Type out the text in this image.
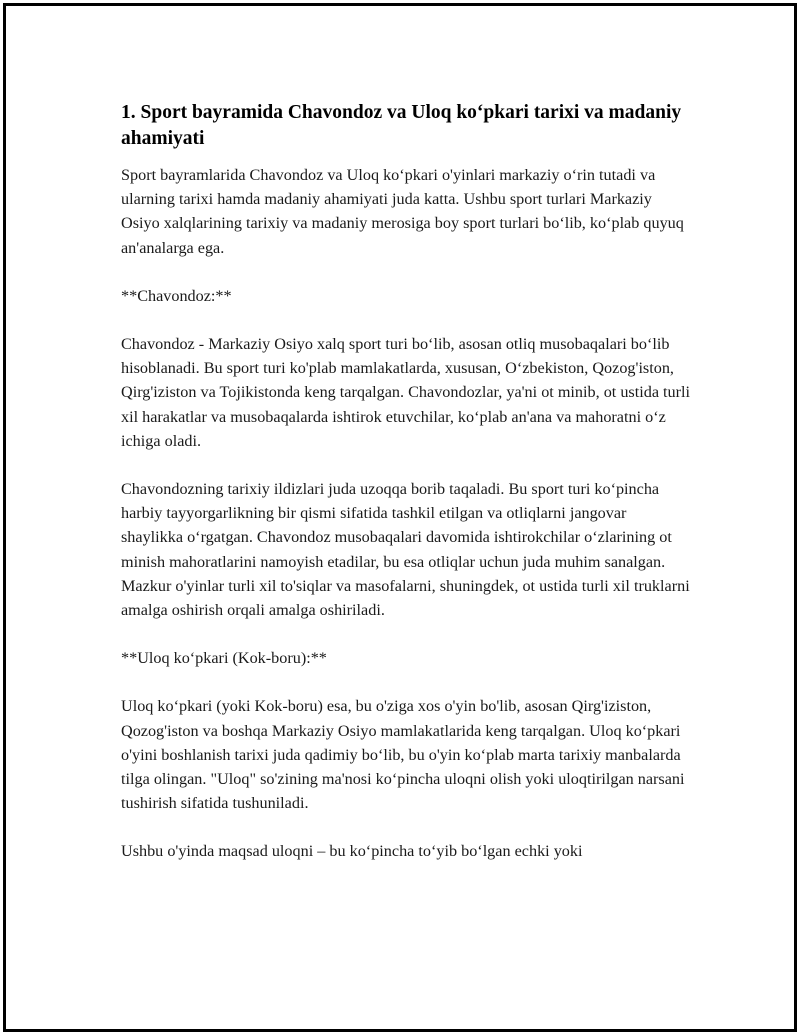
1. Sport bayramida Chavondoz va Uloq koʻpkari tarixi va madaniy ahamiyati

Sport bayramlarida Chavondoz va Uloq koʻpkari o'yinlari markaziy oʻrin tutadi va ularning tarixi hamda madaniy ahamiyati juda katta. Ushbu sport turlari Markaziy Osiyo xalqlarining tarixiy va madaniy merosiga boy sport turlari boʻlib, koʻplab quyuq an'analarga ega.

**Chavondoz:**

Chavondoz - Markaziy Osiyo xalq sport turi boʻlib, asosan otliq musobaqalari boʻlib hisoblanadi. Bu sport turi ko'plab mamlakatlarda, xususan, Oʻzbekiston, Qozog'iston, Qirg'iziston va Tojikistonda keng tarqalgan. Chavondozlar, ya'ni ot minib, ot ustida turli xil harakatlar va musobaqalarda ishtirok etuvchilar, koʻplab an'ana va mahoratni oʻz ichiga oladi.

Chavondozning tarixiy ildizlari juda uzoqqa borib taqaladi. Bu sport turi koʻpincha harbiy tayyorgarlikning bir qismi sifatida tashkil etilgan va otliqlarni jangovar shaylikka oʻrgatgan. Chavondoz musobaqalari davomida ishtirokchilar oʻzlarining ot minish mahoratlarini namoyish etadilar, bu esa otliqlar uchun juda muhim sanalgan. Mazkur o'yinlar turli xil to'siqlar va masofalarni, shuningdek, ot ustida turli xil truklarni amalga oshirish orqali amalga oshiriladi.

**Uloq koʻpkari (Kok-boru):**

Uloq koʻpkari (yoki Kok-boru) esa, bu o'ziga xos o'yin bo'lib, asosan Qirg'iziston, Qozog'iston va boshqa Markaziy Osiyo mamlakatlarida keng tarqalgan. Uloq koʻpkari o'yini boshlanish tarixi juda qadimiy boʻlib, bu o'yin koʻplab marta tarixiy manbalarda tilga olingan. "Uloq" so'zining ma'nosi koʻpincha uloqni olish yoki uloqtirilgan narsani tushirish sifatida tushuniladi.

Ushbu o'yinda maqsad uloqni – bu koʻpincha toʻyib boʻlgan echki yoki
